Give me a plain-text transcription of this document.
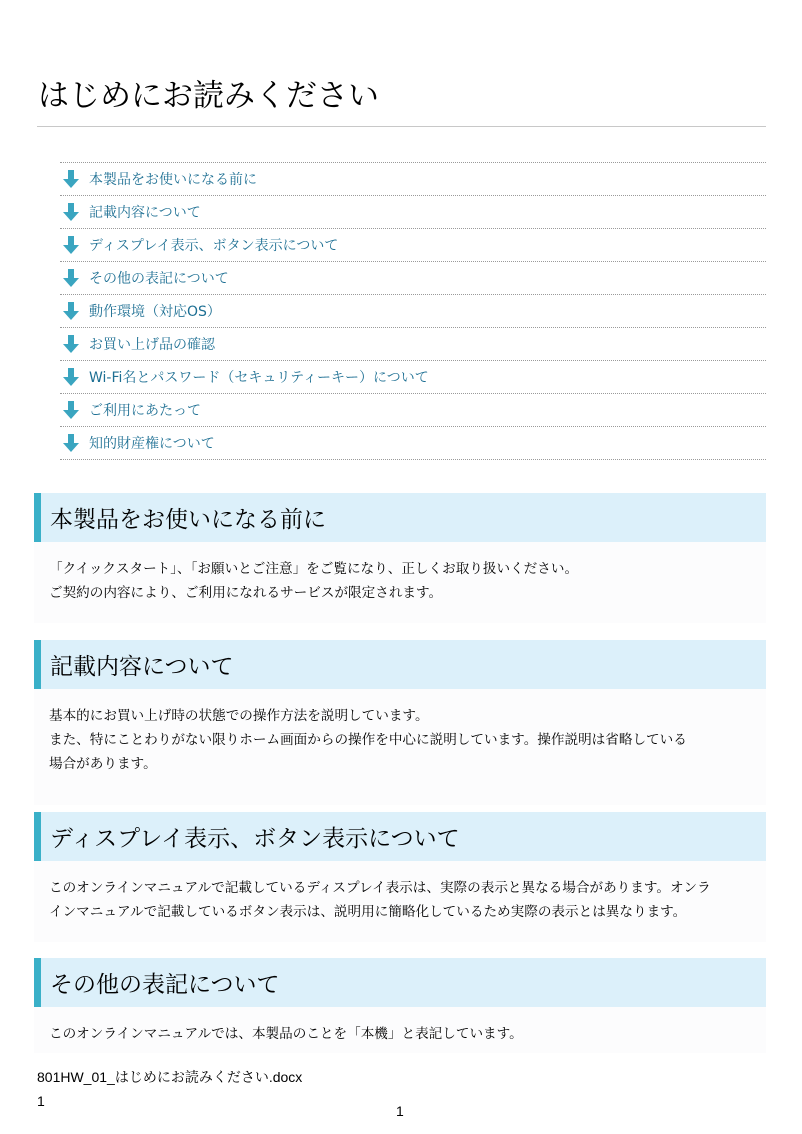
はじめにお読みください
本製品をお使いになる前に
記載内容について
ディスプレイ表示、ボタン表示について
その他の表記について
動作環境（対応OS）
お買い上げ品の確認
Wi-Fi名とパスワード（セキュリティーキー）について
ご利用にあたって
知的財産権について
本製品をお使いになる前に

「クイックスタート」、「お願いとご注意」をご覧になり、正しくお取り扱いください。

ご契約の内容により、ご利用になれるサービスが限定されます。

記載内容について

基本的にお買い上げ時の状態での操作方法を説明しています。

また、特にことわりがない限りホーム画面からの操作を中心に説明しています。操作説明は省略している

場合があります。

ディスプレイ表示、ボタン表示について

このオンラインマニュアルで記載しているディスプレイ表示は、実際の表示と異なる場合があります。オンラ

インマニュアルで記載しているボタン表示は、説明用に簡略化しているため実際の表示とは異なります。

その他の表記について

このオンラインマニュアルでは、本製品のことを「本機」と表記しています。

801HW_01_はじめにお読みください.docx
1
1
